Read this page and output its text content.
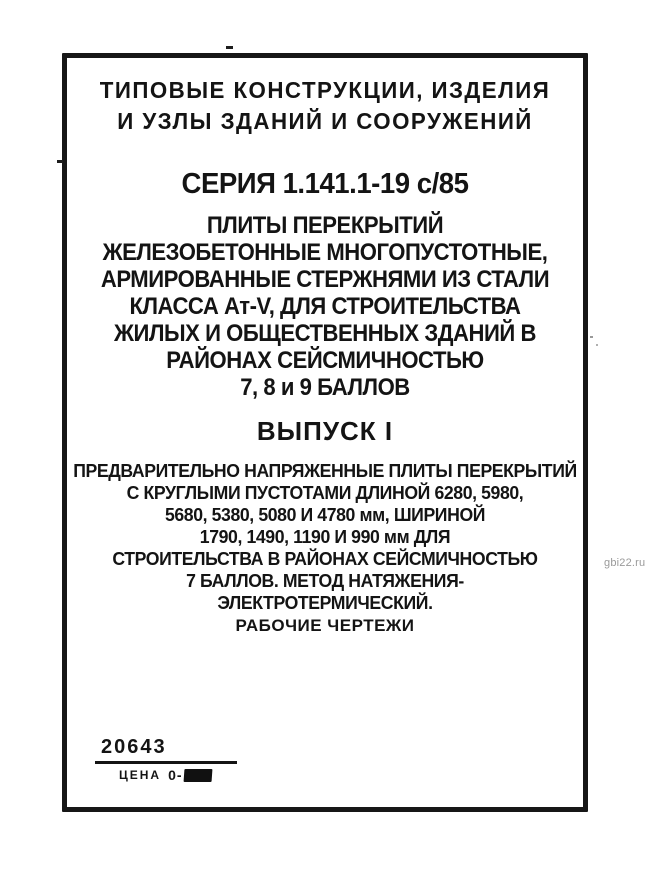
ТИПОВЫЕ КОНСТРУКЦИИ, ИЗДЕЛИЯ
И УЗЛЫ ЗДАНИЙ И СООРУЖЕНИЙ
СЕРИЯ 1.141.1-19 с/85
ПЛИТЫ ПЕРЕКРЫТИЙ
ЖЕЛЕЗОБЕТОННЫЕ МНОГОПУСТОТНЫЕ,
АРМИРОВАННЫЕ СТЕРЖНЯМИ ИЗ СТАЛИ
КЛАССА Ат-V, ДЛЯ СТРОИТЕЛЬСТВА
ЖИЛЫХ И ОБЩЕСТВЕННЫХ ЗДАНИЙ В
РАЙОНАХ СЕЙСМИЧНОСТЬЮ
7, 8 и 9 БАЛЛОВ
ВЫПУСК I
ПРЕДВАРИТЕЛЬНО НАПРЯЖЕННЫЕ ПЛИТЫ ПЕРЕКРЫТИЙ
С КРУГЛЫМИ ПУСТОТАМИ ДЛИНОЙ 6280, 5980,
5680, 5380, 5080 И 4780 мм, ШИРИНОЙ
1790, 1490, 1190 И 990 мм ДЛЯ
СТРОИТЕЛЬСТВА В РАЙОНАХ СЕЙСМИЧНОСТЬЮ
7 БАЛЛОВ. МЕТОД НАТЯЖЕНИЯ-
ЭЛЕКТРОТЕРМИЧЕСКИЙ.
РАБОЧИЕ ЧЕРТЕЖИ
20643
ЦЕНА 0-
gbi22.ru
